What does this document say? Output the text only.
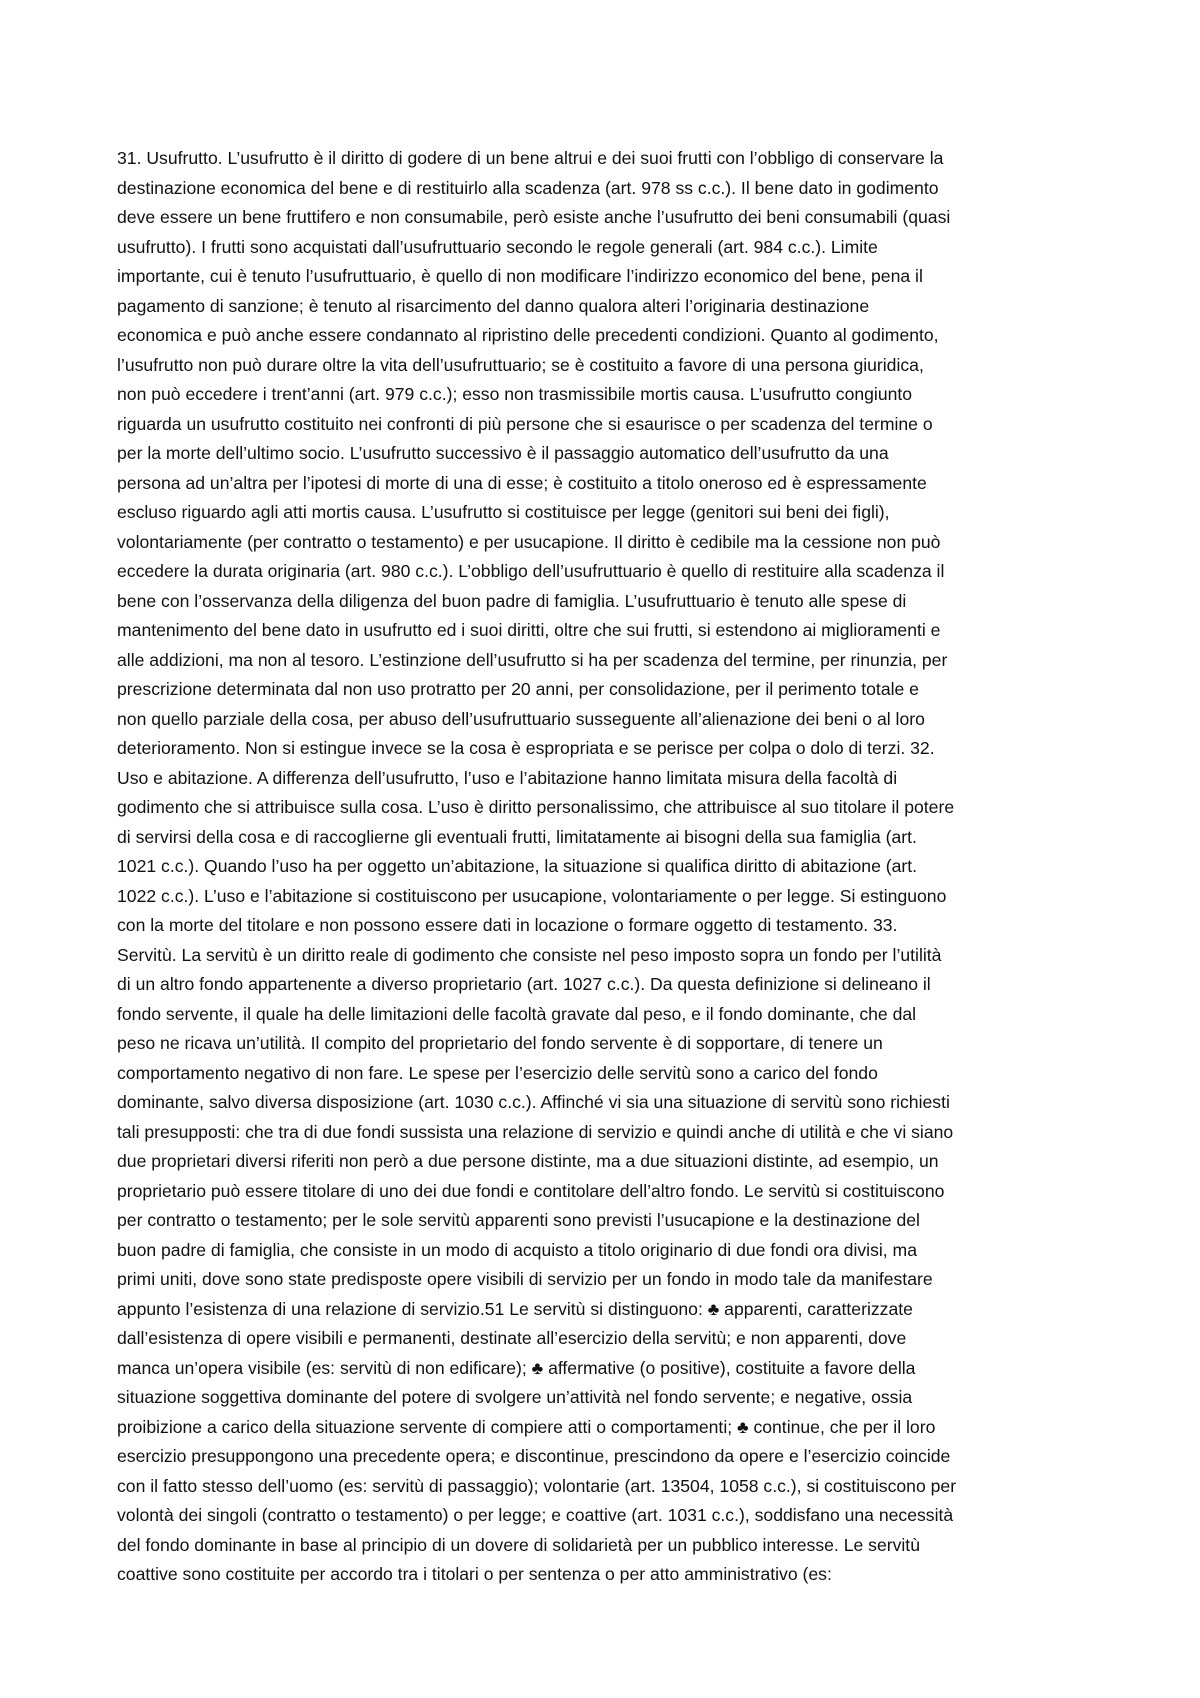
31. Usufrutto. L’usufrutto è il diritto di godere di un bene altrui e dei suoi frutti con l’obbligo di conservare la
destinazione economica del bene e di restituirlo alla scadenza (art. 978 ss c.c.). Il bene dato in godimento
deve essere un bene fruttifero e non consumabile, però esiste anche l’usufrutto dei beni consumabili (quasi
usufrutto). I frutti sono acquistati dall’usufruttuario secondo le regole generali (art. 984 c.c.). Limite
importante, cui è tenuto l’usufruttuario, è quello di non modificare l’indirizzo economico del bene, pena il
pagamento di sanzione; è tenuto al risarcimento del danno qualora alteri l’originaria destinazione
economica e può anche essere condannato al ripristino delle precedenti condizioni. Quanto al godimento,
l’usufrutto non può durare oltre la vita dell’usufruttuario; se è costituito a favore di una persona giuridica,
non può eccedere i trent’anni (art. 979 c.c.); esso non trasmissibile mortis causa. L’usufrutto congiunto
riguarda un usufrutto costituito nei confronti di più persone che si esaurisce o per scadenza del termine o
per la morte dell’ultimo socio. L’usufrutto successivo è il passaggio automatico dell’usufrutto da una
persona ad un’altra per l’ipotesi di morte di una di esse; è costituito a titolo oneroso ed è espressamente
escluso riguardo agli atti mortis causa. L’usufrutto si costituisce per legge (genitori sui beni dei figli),
volontariamente (per contratto o testamento) e per usucapione. Il diritto è cedibile ma la cessione non può
eccedere la durata originaria (art. 980 c.c.). L’obbligo dell’usufruttuario è quello di restituire alla scadenza il
bene con l’osservanza della diligenza del buon padre di famiglia. L’usufruttuario è tenuto alle spese di
mantenimento del bene dato in usufrutto ed i suoi diritti, oltre che sui frutti, si estendono ai miglioramenti e
alle addizioni, ma non al tesoro. L’estinzione dell’usufrutto si ha per scadenza del termine, per rinunzia, per
prescrizione determinata dal non uso protratto per 20 anni, per consolidazione, per il perimento totale e
non quello parziale della cosa, per abuso dell’usufruttuario susseguente all’alienazione dei beni o al loro
deterioramento. Non si estingue invece se la cosa è espropriata e se perisce per colpa o dolo di terzi. 32.
Uso e abitazione. A differenza dell’usufrutto, l’uso e l’abitazione hanno limitata misura della facoltà di
godimento che si attribuisce sulla cosa. L’uso è diritto personalissimo, che attribuisce al suo titolare il potere
di servirsi della cosa e di raccoglierne gli eventuali frutti, limitatamente ai bisogni della sua famiglia (art.
1021 c.c.). Quando l’uso ha per oggetto un’abitazione, la situazione si qualifica diritto di abitazione (art.
1022 c.c.). L’uso e l’abitazione si costituiscono per usucapione, volontariamente o per legge. Si estinguono
con la morte del titolare e non possono essere dati in locazione o formare oggetto di testamento. 33.
Servitù. La servitù è un diritto reale di godimento che consiste nel peso imposto sopra un fondo per l’utilità
di un altro fondo appartenente a diverso proprietario (art. 1027 c.c.). Da questa definizione si delineano il
fondo servente, il quale ha delle limitazioni delle facoltà gravate dal peso, e il fondo dominante, che dal
peso ne ricava un’utilità. Il compito del proprietario del fondo servente è di sopportare, di tenere un
comportamento negativo di non fare. Le spese per l’esercizio delle servitù sono a carico del fondo
dominante, salvo diversa disposizione (art. 1030 c.c.). Affinché vi sia una situazione di servitù sono richiesti
tali presupposti: che tra di due fondi sussista una relazione di servizio e quindi anche di utilità e che vi siano
due proprietari diversi riferiti non però a due persone distinte, ma a due situazioni distinte, ad esempio, un
proprietario può essere titolare di uno dei due fondi e contitolare dell’altro fondo. Le servitù si costituiscono
per contratto o testamento; per le sole servitù apparenti sono previsti l’usucapione e la destinazione del
buon padre di famiglia, che consiste in un modo di acquisto a titolo originario di due fondi ora divisi, ma
primi uniti, dove sono state predisposte opere visibili di servizio per un fondo in modo tale da manifestare
appunto l’esistenza di una relazione di servizio.51 Le servitù si distinguono: ♣ apparenti, caratterizzate
dall’esistenza di opere visibili e permanenti, destinate all’esercizio della servitù; e non apparenti, dove
manca un’opera visibile (es: servitù di non edificare); ♣ affermative (o positive), costituite a favore della
situazione soggettiva dominante del potere di svolgere un’attività nel fondo servente; e negative, ossia
proibizione a carico della situazione servente di compiere atti o comportamenti; ♣ continue, che per il loro
esercizio presuppongono una precedente opera; e discontinue, prescindono da opere e l’esercizio coincide
con il fatto stesso dell’uomo (es: servitù di passaggio); volontarie (art. 13504, 1058 c.c.), si costituiscono per
volontà dei singoli (contratto o testamento) o per legge; e coattive (art. 1031 c.c.), soddisfano una necessità
del fondo dominante in base al principio di un dovere di solidarietà per un pubblico interesse. Le servitù
coattive sono costituite per accordo tra i titolari o per sentenza o per atto amministrativo (es:
